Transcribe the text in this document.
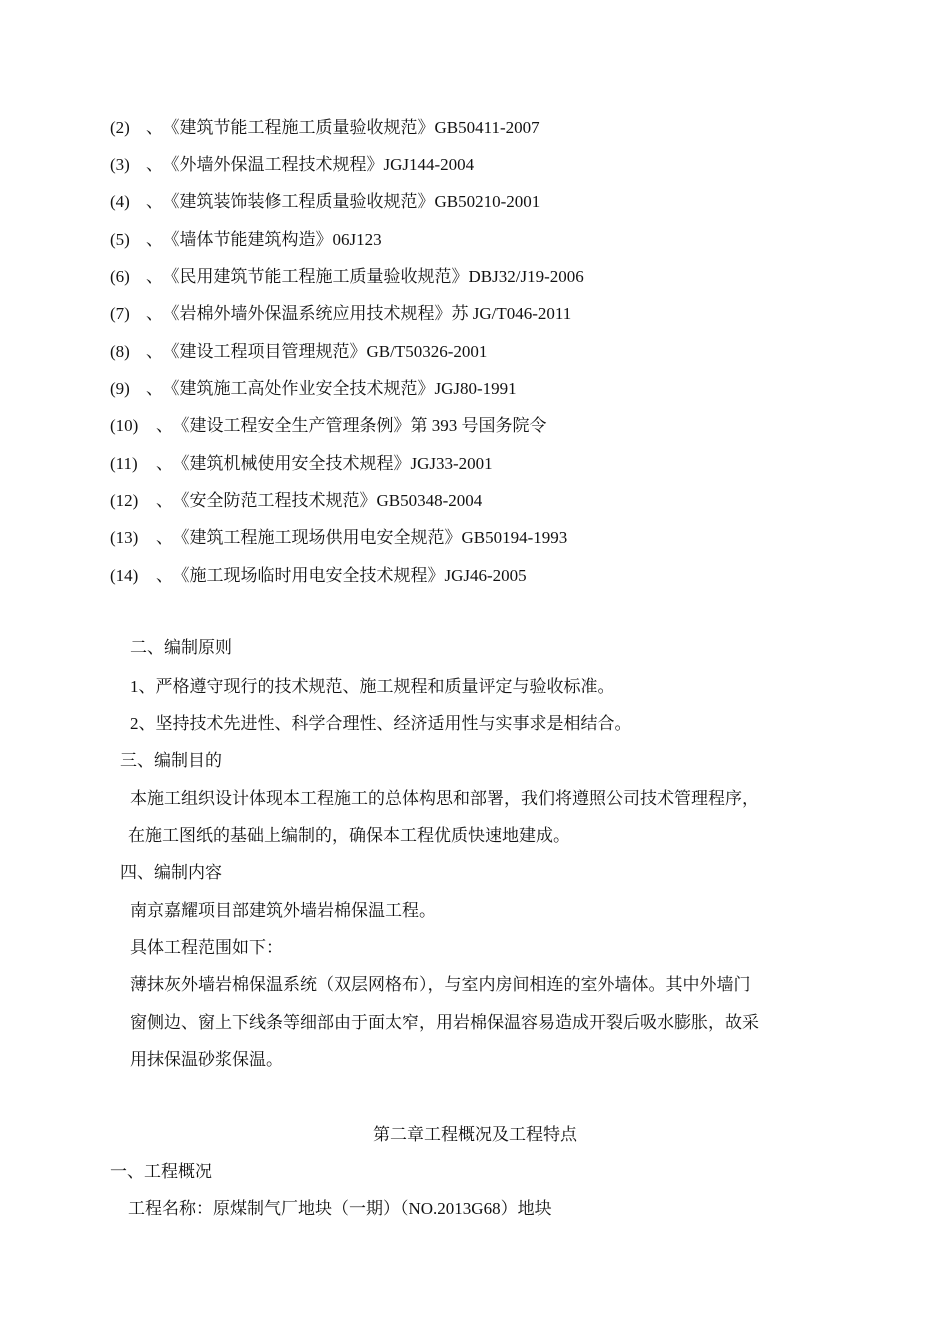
(2) 、 《建筑节能工程施工质量验收规范》GB50411-2007
(3) 、 《外墙外保温工程技术规程》JGJ144-2004
(4) 、 《建筑装饰装修工程质量验收规范》GB50210-2001
(5) 、 《墙体节能建筑构造》06J123
(6) 、 《民用建筑节能工程施工质量验收规范》DBJ32/J19-2006
(7) 、 《岩棉外墙外保温系统应用技术规程》苏 JG/T046-2011
(8) 、 《建设工程项目管理规范》GB/T50326-2001
(9) 、 《建筑施工高处作业安全技术规范》JGJ80-1991
(10) 、 《建设工程安全生产管理条例》第 393 号国务院令
(11) 、 《建筑机械使用安全技术规程》JGJ33-2001
(12) 、 《安全防范工程技术规范》GB50348-2004
(13) 、 《建筑工程施工现场供用电安全规范》GB50194-1993
(14) 、 《施工现场临时用电安全技术规程》JGJ46-2005
二、编制原则
1、严格遵守现行的技术规范、施工规程和质量评定与验收标准。
2、坚持技术先进性、科学合理性、经济适用性与实事求是相结合。
三、编制目的
本施工组织设计体现本工程施工的总体构思和部署，我们将遵照公司技术管理程序，
在施工图纸的基础上编制的，确保本工程优质快速地建成。
四、编制内容
南京嘉耀项目部建筑外墙岩棉保温工程。
具体工程范围如下：
薄抹灰外墙岩棉保温系统（双层网格布），与室内房间相连的室外墙体。其中外墙门
窗侧边、窗上下线条等细部由于面太窄，用岩棉保温容易造成开裂后吸水膨胀，故采
用抹保温砂浆保温。
第二章工程概况及工程特点
一、工程概况
工程名称：原煤制气厂地块（一期）（NO.2013G68）地块
